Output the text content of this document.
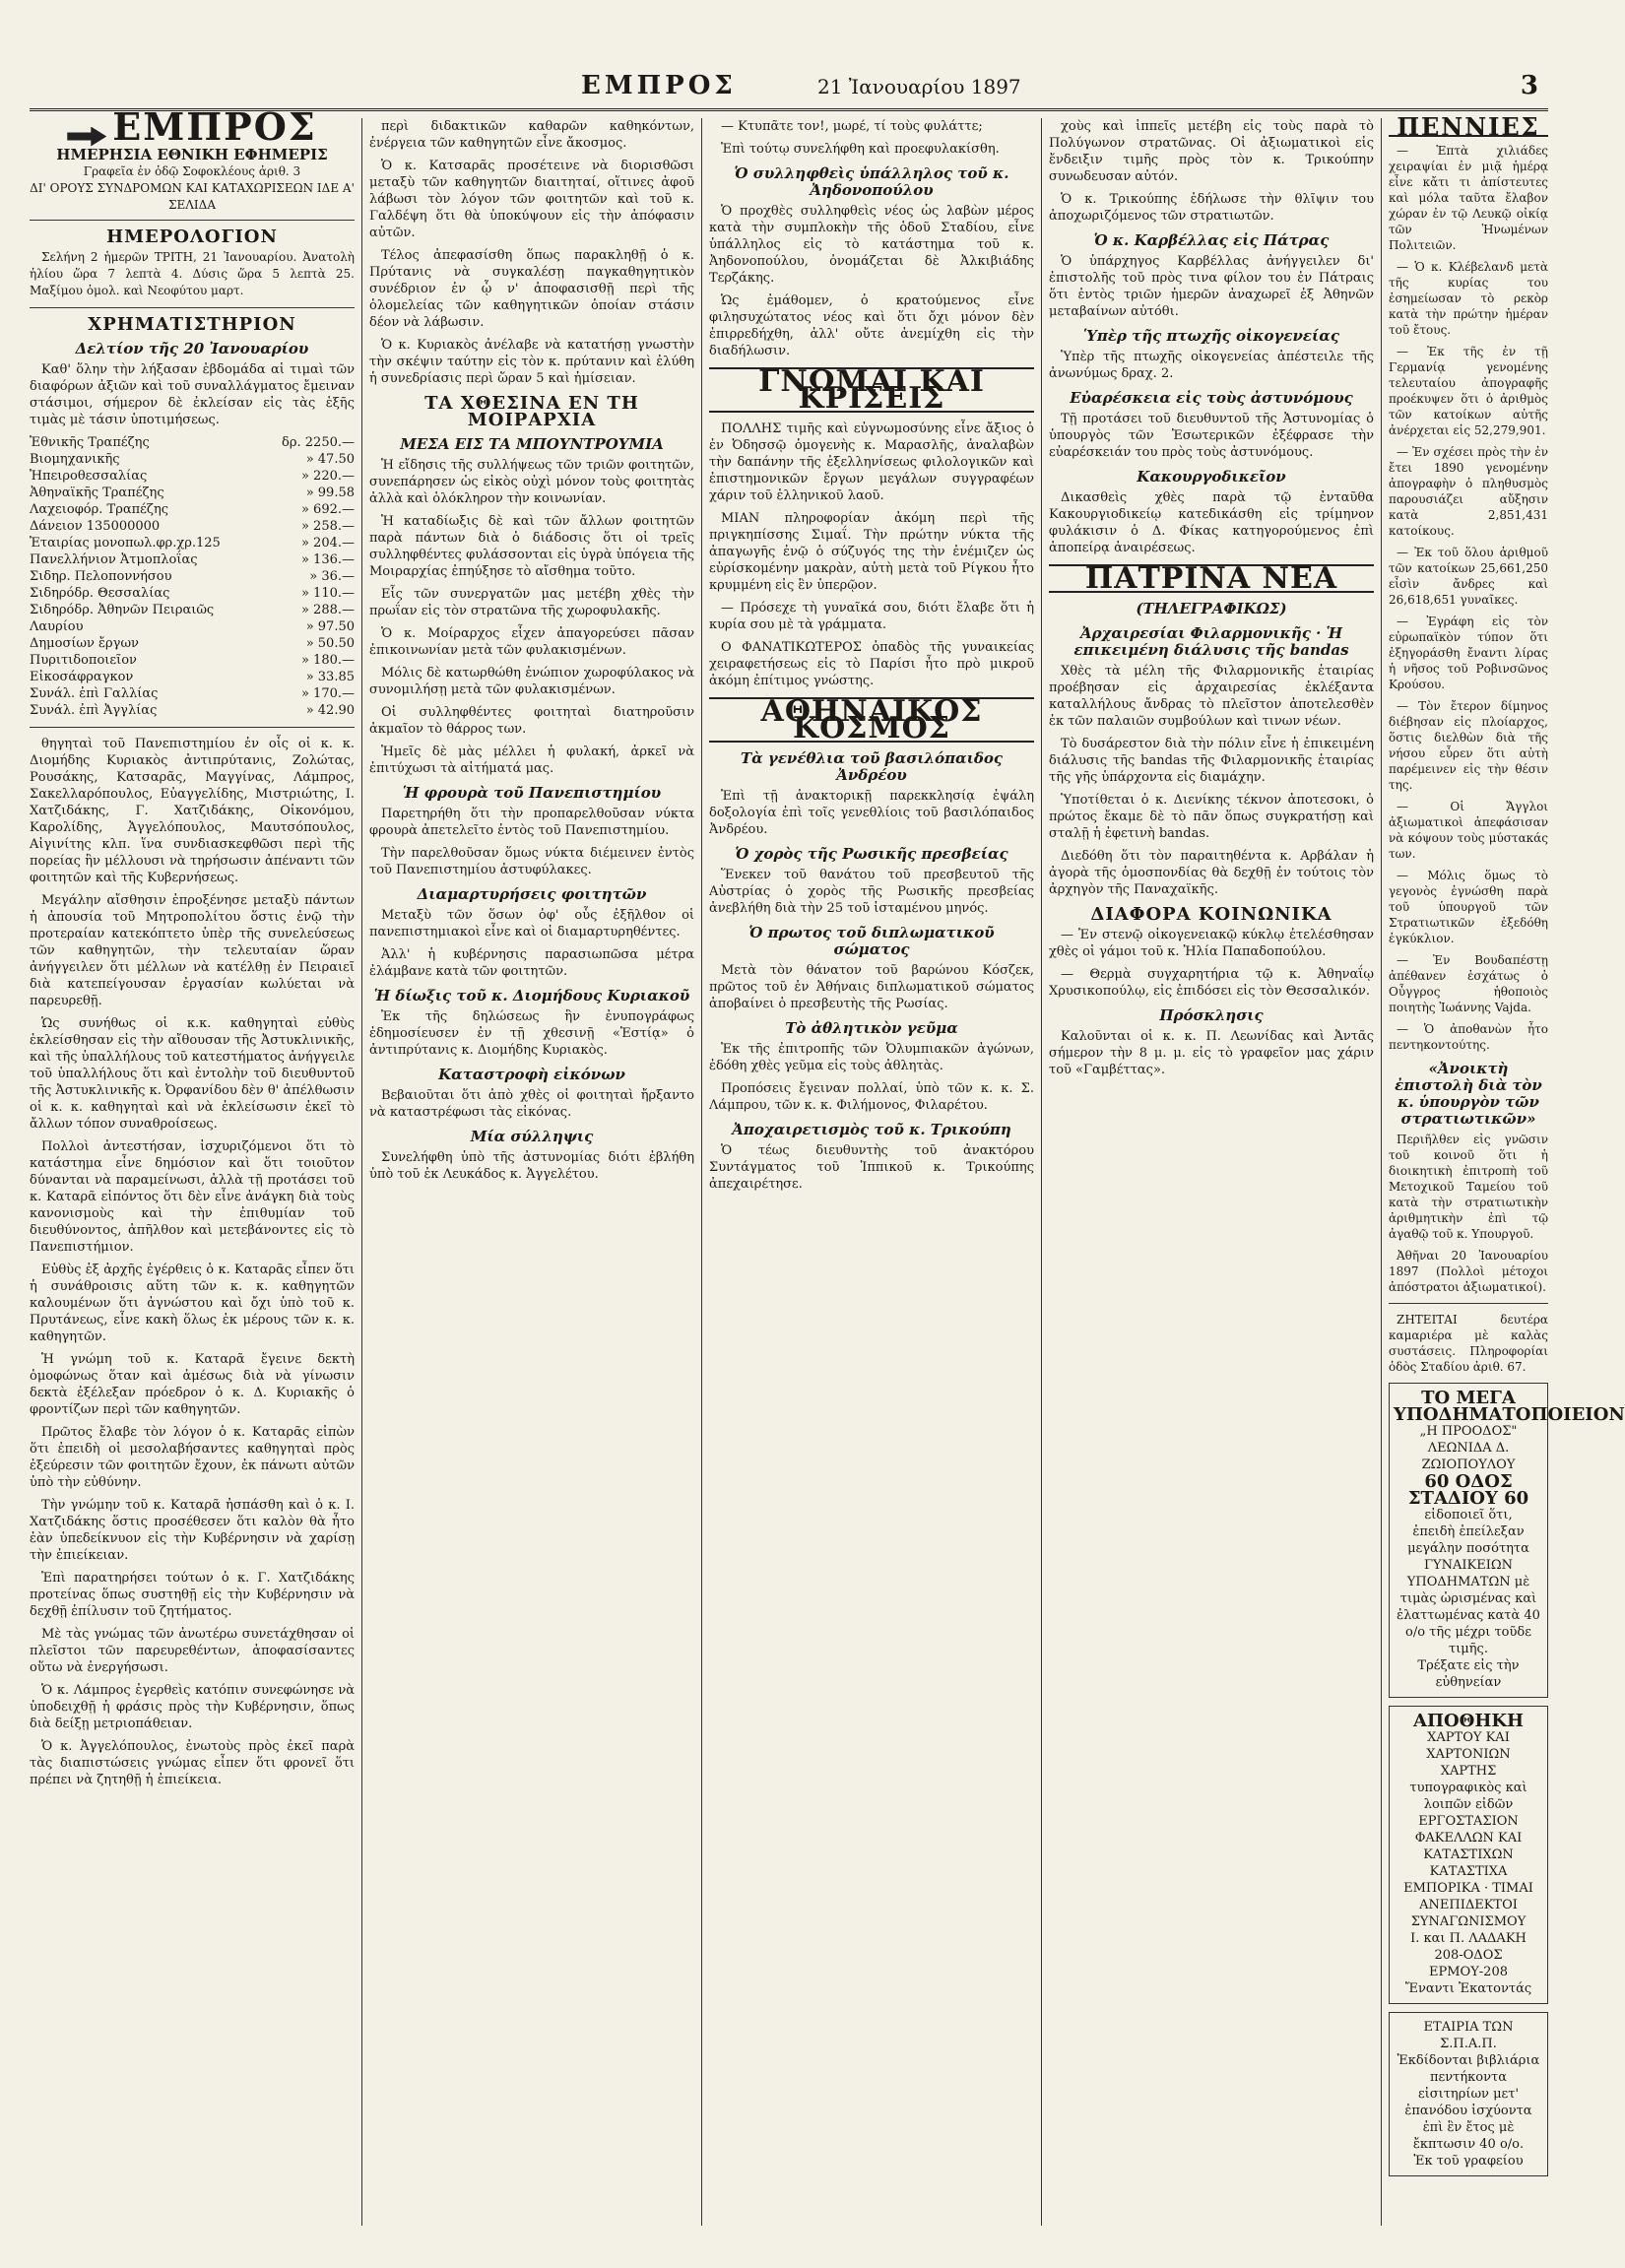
ΕΜΠΡΟΣ	21 Ἰανουαρίου 1897	3
ΕΜΠΡΟΣ
ΗΜΕΡΗΣΙΑ ΕΘΝΙΚΗ ΕΦΗΜΕΡΙΣ
Γραφεῖα ἐν ὁδῷ Σοφοκλέους ἀριθ. 3
ΔΙ' ΟΡΟΥΣ ΣΥΝΔΡΟΜΩΝ ΚΑΙ ΚΑΤΑΧΩΡΙΣΕΩΝ ΙΔΕ Α' ΣΕΛΙΔΑ
ΗΜΕΡΟΛΟΓΙΟΝ

Σελήνη 2 ἡμερῶν ΤΡΙΤΗ, 21 Ἰανουαρίου. Ἀνατολὴ ἡλίου ὥρα 7 λεπτὰ 4. Δύσις ὥρα 5 λεπτὰ 25. Μαξίμου ὁμολ. καὶ Νεοφύτου μαρτ.

ΧΡΗΜΑΤΙΣΤΗΡΙΟΝ
Δελτίον τῆς 20 Ἰανουαρίου

Καθ' ὅλην τὴν λήξασαν ἑβδομάδα αἱ τιμαὶ τῶν διαφόρων ἀξιῶν καὶ τοῦ συναλλάγματος ἔμειναν στάσιμοι, σήμερον δὲ ἐκλείσαν εἰς τὰς ἑξῆς τιμὰς μὲ τάσιν ὑποτιμήσεως.

Ἐθνικῆς Τραπέζης	δρ. 2250.—
Βιομηχανικῆς	» 47.50
Ἠπειροθεσσαλίας	» 220.—
Ἀθηναϊκῆς Τραπέζης	» 99.58
Λαχειοφόρ. Τραπέζης	» 692.—
Δάνειον 135000000	» 258.—
Ἑταιρίας μονοπωλ.φρ.χρ.125	» 204.—
Πανελλήνιον Ἀτμοπλοΐας	» 136.—
Σιδηρ. Πελοποννήσου	» 36.—
Σιδηρόδρ. Θεσσαλίας	» 110.—
Σιδηρόδρ. Ἀθηνῶν Πειραιῶς	» 288.—
Λαυρίου	» 97.50
Δημοσίων ἔργων	» 50.50
Πυριτιδοποιεῖον	» 180.—
Εἰκοσάφραγκον	» 33.85
Συνάλ. ἐπὶ Γαλλίας	» 170.—
Συνάλ. ἐπὶ Ἀγγλίας	» 42.90

θηγηταὶ τοῦ Πανεπιστημίου ἐν οἷς οἱ κ. κ. Διομήδης Κυριακὸς ἀντιπρύτανις, Ζολώτας, Ρουσάκης, Κατσαρᾶς, Μαγγίνας, Λάμπρος, Σακελλαρόπουλος, Εὐαγγελίδης, Μιστριώτης, Ι. Χατζιδάκης, Γ. Χατζιδάκης, Οἰκονόμου, Καρολίδης, Ἀγγελόπουλος, Μαυτσόπουλος, Αἰγινίτης κλπ. ἵνα συνδιασκεφθῶσι περὶ τῆς πορείας ἣν μέλλουσι νὰ τηρήσωσιν ἀπέναντι τῶν φοιτητῶν καὶ τῆς Κυβερνήσεως.

Μεγάλην αἴσθησιν ἐπροξένησε μεταξὺ πάντων ἡ ἀπουσία τοῦ Μητροπολίτου ὅστις ἐνῷ τὴν προτεραίαν κατεκόπτετο ὑπὲρ τῆς συνελεύσεως τῶν καθηγητῶν, τὴν τελευταίαν ὥραν ἀνήγγειλεν ὅτι μέλλων νὰ κατέλθῃ ἐν Πειραιεῖ διὰ κατεπείγουσαν ἐργασίαν κωλύεται νὰ παρευρεθῇ.

Ὡς συνήθως οἱ κ.κ. καθηγηταὶ εὐθὺς ἐκλείσθησαν εἰς τὴν αἴθουσαν τῆς Ἀστυκλινικῆς, καὶ τῆς ὑπαλλήλους τοῦ κατεστήματος ἀνήγγειλε τοῦ ὑπαλλήλους ὅτι καὶ ἐντολὴν τοῦ διευθυντοῦ τῆς Ἀστυκλινικῆς κ. Ὀρφανίδου δὲν θ' ἀπέλθωσιν οἱ κ. κ. καθηγηταὶ καὶ νὰ ἐκλείσωσιν ἐκεῖ τὸ ἄλλων τόπον συναθροίσεως.

Πολλοὶ ἀντεστήσαν, ἰσχυριζόμενοι ὅτι τὸ κατάστημα εἶνε δημόσιον καὶ ὅτι τοιοῦτον δύνανται νὰ παραμείνωσι, ἀλλὰ τῇ προτάσει τοῦ κ. Καταρᾶ εἰπόντος ὅτι δὲν εἶνε ἀνάγκη διὰ τοὺς κανονισμοὺς καὶ τὴν ἐπιθυμίαν τοῦ διευθύνοντος, ἀπῆλθον καὶ μετεβάνοντες εἰς τὸ Πανεπιστήμιον.

Εὐθὺς ἐξ ἀρχῆς ἐγέρθεις ὁ κ. Καταρᾶς εἶπεν ὅτι ἡ συνάθροισις αὕτη τῶν κ. κ. καθηγητῶν καλουμένων ὅτι ἀγνώστου καὶ ὄχι ὑπὸ τοῦ κ. Πρυτάνεως, εἶνε κακὴ ὅλως ἐκ μέρους τῶν κ. κ. καθηγητῶν.

Ἡ γνώμη τοῦ κ. Καταρᾶ ἔγεινε δεκτὴ ὁμοφώνως ὅταν καὶ ἀμέσως διὰ νὰ γίνωσιν δεκτὰ ἐξέλεξαν πρόεδρον ὁ κ. Δ. Κυριακῆς ὁ φροντίζων περὶ τῶν καθηγητῶν.

Πρῶτος ἔλαβε τὸν λόγον ὁ κ. Καταρᾶς εἰπὼν ὅτι ἐπειδὴ οἱ μεσολαβήσαντες καθηγηταὶ πρὸς ἐξεύρεσιν τῶν φοιτητῶν ἔχουν, ἐκ πάνωτι αὐτῶν ὑπὸ τὴν εὐθύνην.

Τὴν γνώμην τοῦ κ. Καταρᾶ ἠσπάσθη καὶ ὁ κ. Ι. Χατζιδάκης ὅστις προσέθεσεν ὅτι καλὸν θὰ ἦτο ἐὰν ὑπεδείκνυον εἰς τὴν Κυβέρνησιν νὰ χαρίσῃ τὴν ἐπιείκειαν.

Ἐπὶ παρατηρήσει τούτων ὁ κ. Γ. Χατζιδάκης προτείνας ὅπως συστηθῇ εἰς τὴν Κυβέρνησιν νὰ δεχθῇ ἐπίλυσιν τοῦ ζητήματος.

Μὲ τὰς γνώμας τῶν ἀνωτέρω συνετάχθησαν οἱ πλεῖστοι τῶν παρευρεθέντων, ἀποφασίσαντες οὕτω νὰ ἐνεργήσωσι.

Ὁ κ. Λάμπρος ἐγερθεὶς κατόπιν συνεφώνησε νὰ ὑποδειχθῇ ἡ φράσις πρὸς τὴν Κυβέρνησιν, ὅπως διὰ δείξῃ μετριοπάθειαν.

Ὁ κ. Ἀγγελόπουλος, ἐνωτοὺς πρὸς ἐκεῖ παρὰ τὰς διαπιστώσεις γνώμας εἶπεν ὅτι φρονεῖ ὅτι πρέπει νὰ ζητηθῇ ἡ ἐπιείκεια.

περὶ διδακτικῶν καθαρῶν καθηκόντων, ἐνέργεια τῶν καθηγητῶν εἶνε ἄκοσμος.

Ὁ κ. Κατσαρᾶς προσέτεινε νὰ διορισθῶσι μεταξὺ τῶν καθηγητῶν διαιτηταί, οἵτινες ἀφοῦ λάβωσι τὸν λόγον τῶν φοιτητῶν καὶ τοῦ κ. Γαλδέψη ὅτι θὰ ὑποκύψουν εἰς τὴν ἀπόφασιν αὐτῶν.

Τέλος ἀπεφασίσθη ὅπως παρακληθῇ ὁ κ. Πρύτανις νὰ συγκαλέσῃ παγκαθηγητικὸν συνέδριον ἐν ᾧ ν' ἀποφασισθῇ περὶ τῆς ὁλομελείας τῶν καθηγητικῶν ὁποίαν στάσιν δέον νὰ λάβωσιν.

Ὁ κ. Κυριακὸς ἀνέλαβε νὰ κατατήσῃ γνωστὴν τὴν σκέψιν ταύτην εἰς τὸν κ. πρύτανιν καὶ ἐλύθη ἡ συνεδρίασις περὶ ὥραν 5 καὶ ἡμίσειαν.

ΤΑ ΧΘΕΣΙΝΑ ΕΝ ΤΗ ΜΟΙΡΑΡΧΙΑ
ΜΕΣΑ ΕΙΣ ΤΑ ΜΠΟΥΝΤΡΟΥΜΙΑ

Ἡ εἴδησις τῆς συλλήψεως τῶν τριῶν φοιτητῶν, συνεπάρησεν ὡς εἰκὸς οὐχὶ μόνον τοὺς φοιτητὰς ἀλλὰ καὶ ὁλόκληρον τὴν κοινωνίαν.

Ἡ καταδίωξις δὲ καὶ τῶν ἄλλων φοιτητῶν παρὰ πάντων διὰ ὁ διάδοσις ὅτι οἱ τρεῖς συλληφθέντες φυλάσσονται εἰς ὑγρὰ ὑπόγεια τῆς Μοιραρχίας ἐπηύξησε τὸ αἴσθημα τοῦτο.

Εἷς τῶν συνεργατῶν μας μετέβη χθὲς τὴν πρωΐαν εἰς τὸν στρατῶνα τῆς χωροφυλακῆς.

Ὁ κ. Μοίραρχος εἶχεν ἀπαγορεύσει πᾶσαν ἐπικοινωνίαν μετὰ τῶν φυλακισμένων.

Μόλις δὲ κατωρθώθη ἐνώπιον χωροφύλακος νὰ συνομιλήσῃ μετὰ τῶν φυλακισμένων.

Οἱ συλληφθέντες φοιτηταὶ διατηροῦσιν ἀκμαῖον τὸ θάρρος των.

Ἡμεῖς δὲ μὰς μέλλει ἡ φυλακή, ἀρκεῖ νὰ ἐπιτύχωσι τὰ αἰτήματά μας.

Ἡ φρουρὰ τοῦ Πανεπιστημίου

Παρετηρήθη ὅτι τὴν προπαρελθοῦσαν νύκτα φρουρὰ ἀπετελεῖτο ἐντὸς τοῦ Πανεπιστημίου.

Τὴν παρελθοῦσαν ὅμως νύκτα διέμεινεν ἐντὸς τοῦ Πανεπιστημίου ἀστυφύλακες.

Διαμαρτυρήσεις φοιτητῶν

Μεταξὺ τῶν ὅσων ὀφ' οὗς ἐξῆλθον οἱ πανεπιστημιακοὶ εἶνε καὶ οἱ διαμαρτυρηθέντες.

Ἀλλ' ἡ κυβέρνησις παρασιωπῶσα μέτρα ἐλάμβανε κατὰ τῶν φοιτητῶν.

Ἡ δίωξις τοῦ κ. Διομήδους Κυριακοῦ

Ἐκ τῆς δηλώσεως ἣν ἐνυπογράφως ἐδημοσίευσεν ἐν τῇ χθεσινῇ «Ἑστίᾳ» ὁ ἀντιπρύτανις κ. Διομήδης Κυριακὸς.

Καταστροφὴ εἰκόνων

Βεβαιοῦται ὅτι ἀπὸ χθὲς οἱ φοιτηταὶ ἤρξαντο νὰ καταστρέφωσι τὰς εἰκόνας.

Μία σύλληψις

Συνελήφθη ὑπὸ τῆς ἀστυνομίας διότι ἐβλήθη ὑπὸ τοῦ ἐκ Λευκάδος κ. Ἀγγελέτου.

— Κτυπᾶτε τον!, μωρέ, τί τοὺς φυλάττε;

Ἐπὶ τούτῳ συνελήφθη καὶ προεφυλακίσθη.

Ὁ συλληφθεὶς ὑπάλληλος τοῦ κ. Ἀηδονοπούλου

Ὁ προχθὲς συλληφθεὶς νέος ὡς λαβὼν μέρος κατὰ τὴν συμπλοκὴν τῆς ὁδοῦ Σταδίου, εἶνε ὑπάλληλος εἰς τὸ κατάστημα τοῦ κ. Ἀηδονοπούλου, ὀνομάζεται δὲ Ἀλκιβιάδης Τερζάκης.

Ὡς ἐμάθομεν, ὁ κρατούμενος εἶνε φιλησυχώτατος νέος καὶ ὅτι ὄχι μόνον δὲν ἐπιρρεδήχθη, ἀλλ' οὔτε ἀνεμίχθη εἰς τὴν διαδήλωσιν.

ΓΝΩΜΑΙ ΚΑΙ ΚΡΙΣΕΙΣ

ΠΟΛΛΗΣ τιμῆς καὶ εὐγνωμοσύνης εἶνε ἄξιος ὁ ἐν Ὀδησσῷ ὁμογενὴς κ. Μαρασλῆς, ἀναλαβὼν τὴν δαπάνην τῆς ἐξελληνίσεως φιλολογικῶν καὶ ἐπιστημονικῶν ἔργων μεγάλων συγγραφέων χάριν τοῦ ἑλληνικοῦ λαοῦ.

ΜΙΑΝ πληροφορίαν ἀκόμη περὶ τῆς πριγκηπίσσης Σιμαΐ. Τὴν πρώτην νύκτα τῆς ἀπαγωγῆς ἐνῷ ὁ σύζυγός της τὴν ἐνέμιζεν ὡς εὑρίσκομένην μακρὰν, αὐτὴ μετὰ τοῦ Ρίγκου ἦτο κρυμμένη εἰς ἓν ὑπερῷον.

— Πρόσεχε τὴ γυναῖκά σου, διότι ἔλαβε ὅτι ἡ κυρία σου μὲ τὰ γράμματα.

Ο ΦΑΝΑΤΙΚΩΤΕΡΟΣ ὀπαδὸς τῆς γυναικείας χειραφετήσεως εἰς τὸ Παρίσι ἦτο πρὸ μικροῦ ἀκόμη ἐπίτιμος γνώστης.

ΑΘΗΝΑΙΚΟΣ ΚΟΣΜΟΣ
Τὰ γενέθλια τοῦ βασιλόπαιδος Ἀνδρέου

Ἐπὶ τῇ ἀνακτορικῇ παρεκκλησίᾳ ἐψάλη δοξολογία ἐπὶ τοῖς γενεθλίοις τοῦ βασιλόπαιδος Ἀνδρέου.

Ὁ χορὸς τῆς Ρωσικῆς πρεσβείας

Ἕνεκεν τοῦ θανάτου τοῦ πρεσβευτοῦ τῆς Αὐστρίας ὁ χορὸς τῆς Ρωσικῆς πρεσβείας ἀνεβλήθη διὰ τὴν 25 τοῦ ἰσταμένου μηνός.

Ὁ πρωτος τοῦ διπλωματικοῦ σώματος

Μετὰ τὸν θάνατον τοῦ βαρώνου Κόσζεκ, πρῶτος τοῦ ἐν Ἀθήναις διπλωματικοῦ σώματος ἀποβαίνει ὁ πρεσβευτὴς τῆς Ρωσίας.

Τὸ ἀθλητικὸν γεῦμα

Ἐκ τῆς ἐπιτροπῆς τῶν Ὀλυμπιακῶν ἀγώνων, ἐδόθη χθὲς γεῦμα εἰς τοὺς ἀθλητὰς.

Προπόσεις ἔγειναν πολλαί, ὑπὸ τῶν κ. κ. Σ. Λάμπρου, τῶν κ. κ. Φιλήμονος, Φιλαρέτου.

Ἀποχαιρετισμὸς τοῦ κ. Τρικούπη

Ὁ τέως διευθυντὴς τοῦ ἀνακτόρου Συντάγματος τοῦ Ἱππικοῦ κ. Τρικούπης ἀπεχαιρέτησε.

χοὺς καὶ ἱππεῖς μετέβη εἰς τοὺς παρὰ τὸ Πολύγωνον στρατῶνας. Οἱ ἀξιωματικοὶ εἰς ἔνδειξιν τιμῆς πρὸς τὸν κ. Τρικούπην συνωδευσαν αὐτόν.

Ὁ κ. Τρικούπης ἐδήλωσε τὴν θλῖψιν του ἀποχωριζόμενος τῶν στρατιωτῶν.

Ὁ κ. Καρβέλλας εἰς Πάτρας

Ὁ ὑπάρχηγος Καρβέλλας ἀνήγγειλεν δι' ἐπιστολῆς τοῦ πρὸς τινα φίλον του ἐν Πάτραις ὅτι ἐντὸς τριῶν ἡμερῶν ἀναχωρεῖ ἐξ Ἀθηνῶν μεταβαίνων αὐτόθι.

Ὑπὲρ τῆς πτωχῆς οἰκογενείας

Ὑπὲρ τῆς πτωχῆς οἰκογενείας ἀπέστειλε τῆς ἀνωνύμως δραχ. 2.

Εὐαρέσκεια εἰς τοὺς ἀστυνόμους

Τῇ προτάσει τοῦ διευθυντοῦ τῆς Ἀστυνομίας ὁ ὑπουργὸς τῶν Ἐσωτερικῶν ἐξέφρασε τὴν εὐαρέσκειάν του πρὸς τοὺς ἀστυνόμους.

Κακουργοδικεῖον

Δικασθεὶς χθὲς παρὰ τῷ ἐνταῦθα Κακουργιοδικείῳ κατεδικάσθη εἰς τρίμηνον φυλάκισιν ὁ Δ. Φίκας κατηγορούμενος ἐπὶ ἀποπείρᾳ ἀναιρέσεως.

ΠΑΤΡΙΝΑ ΝΕΑ
(ΤΗΛΕΓΡΑΦΙΚΩΣ)
Ἀρχαιρεσίαι Φιλαρμονικῆς · Ἡ επικειμένη διάλυσις τῆς bandas

Χθὲς τὰ μέλη τῆς Φιλαρμονικῆς ἑταιρίας προέβησαν εἰς ἀρχαιρεσίας ἐκλέξαντα καταλλήλους ἄνδρας τὸ πλεῖστον ἀποτελεσθὲν ἐκ τῶν παλαιῶν συμβούλων καὶ τινων νέων.

Τὸ δυσάρεστον διὰ τὴν πόλιν εἶνε ἡ ἐπικειμένη διάλυσις τῆς bandas τῆς Φιλαρμονικῆς ἑταιρίας τῆς γῆς ὑπάρχοντα εἰς διαμάχην.

Ὑποτίθεται ὁ κ. Διενίκης τέκνον ἀποτεσοκι, ὁ πρώτος ἔκαμε δὲ τὸ πᾶν ὅπως συγκρατήσῃ καὶ σταλῇ ἡ ἐφετινὴ bandas.

Διεδόθη ὅτι τὸν παραιτηθέντα κ. Αρβάλαν ἡ ἀγορὰ τῆς ὁμοσπονδίας θὰ δεχθῇ ἐν τούτοις τὸν ἀρχηγὸν τῆς Παναχαϊκῆς.

ΔΙΑΦΟΡΑ ΚΟΙΝΩΝΙΚΑ

— Ἐν στενῷ οἰκογενειακῷ κύκλῳ ἐτελέσθησαν χθὲς οἱ γάμοι τοῦ κ. Ἠλία Παπαδοπούλου.

— Θερμὰ συγχαρητήρια τῷ κ. Ἀθηναΐῳ Χρυσικοπούλῳ, εἰς ἐπιδόσει εἰς τὸν Θεσσαλικόν.

Πρόσκλησις

Καλοῦνται οἱ κ. κ. Π. Λεωνίδας καὶ Ἀντᾶς σήμερον τὴν 8 μ. μ. εἰς τὸ γραφεῖον μας χάριν τοῦ «Γαμβέττας».

ΠΕΝΝΙΕΣ

— Ἑπτὰ χιλιάδες χειραψίαι ἐν μιᾷ ἡμέρᾳ εἶνε κἄτι τι ἀπίστευτες καὶ μόλα ταῦτα ἔλαβον χώραν ἐν τῷ Λευκῷ οἰκίᾳ τῶν Ἡνωμένων Πολιτειῶν.

— Ὁ κ. Κλέβελανδ μετὰ τῆς κυρίας του ἐσημείωσαν τὸ ρεκὸρ κατὰ τὴν πρώτην ἡμέραν τοῦ ἔτους.

— Ἐκ τῆς ἐν τῇ Γερμανίᾳ γενομένης τελευταίου ἀπογραφῆς προέκυψεν ὅτι ὁ ἀριθμὸς τῶν κατοίκων αὐτῆς ἀνέρχεται εἰς 52,279,901.

— Ἐν σχέσει πρὸς τὴν ἐν ἔτει 1890 γενομένην ἀπογραφὴν ὁ πληθυσμὸς παρουσιάζει αὔξησιν κατὰ 2,851,431 κατοίκους.

— Ἐκ τοῦ ὅλου ἀριθμοῦ τῶν κατοίκων 25,661,250 εἶσὶν ἄνδρες καὶ 26,618,651 γυναῖκες.

— Ἐγράφη εἰς τὸν εὐρωπαϊκὸν τύπον ὅτι ἐξηγοράσθη ἔναντι λίρας ἡ νῆσος τοῦ Ροβινσῶνος Κρούσου.

— Τὸν ἔτερον δίμηνος διέβησαν εἰς πλοίαρχος, ὅστις διελθὼν διὰ τῆς νήσου εὗρεν ὅτι αὐτὴ παρέμεινεν εἰς τὴν θέσιν της.

— Οἱ Ἄγγλοι ἀξιωματικοὶ ἀπεφάσισαν νὰ κόψουν τοὺς μύστακάς των.

— Μόλις ὅμως τὸ γεγονὸς ἐγνώσθη παρὰ τοῦ ὑπουργοῦ τῶν Στρατιωτικῶν ἐξεδόθη ἐγκύκλιον.

— Ἐν Βουδαπέστῃ ἀπέθανεν ἐσχάτως ὁ Οὖγγρος ἡθοποιὸς ποιητὴς Ἰωάννης Vajda.

— Ὁ ἀποθανὼν ἦτο πεντηκοντούτης.

«Ἀνοικτὴ ἐπιστολὴ διὰ τὸν κ. ὑπουργὸν τῶν στρατιωτικῶν»

Περιῆλθεν εἰς γνῶσιν τοῦ κοινοῦ ὅτι ἡ διοικητικὴ ἐπιτροπὴ τοῦ Μετοχικοῦ Ταμείου τοῦ κατὰ τὴν στρατιωτικὴν ἀριθμητικὴν ἐπὶ τῷ ἀγαθῷ τοῦ κ. Υπουργοῦ.

Ἀθῆναι 20 Ἰανουαρίου 1897 (Πολλοὶ μέτοχοι ἀπόστρατοι ἀξιωματικοί).

ΖΗΤΕΙΤΑΙ δευτέρα καμαριέρα μὲ καλὰς συστάσεις. Πληροφορίαι ὁδὸς Σταδίου ἀριθ. 67.

ΤΟ ΜΕΓΑ
ΥΠΟΔΗΜΑΤΟΠΟΙΕΙΟΝ
„Η ΠΡΟΟΔΟΣ"
ΛΕΩΝΙΔΑ Δ. ΖΩΙΟΠΟΥΛΟΥ
60 ΟΔΟΣ ΣΤΑΔΙΟΥ 60
εἰδοποιεῖ ὅτι,
ἐπειδὴ ἐπείλεξαν μεγάλην ποσότητα ΓΥΝΑΙΚΕΙΩΝ ΥΠΟΔΗΜΑΤΩΝ μὲ τιμὰς ὡρισμένας καὶ ἐλαττωμένας κατὰ 40 ο/ο τῆς μέχρι τοῦδε τιμῆς.
Τρέξατε εἰς τὴν εὐθηνείαν
ΑΠΟΘΗΚΗ
ΧΑΡΤΟΥ ΚΑΙ ΧΑΡΤΟΝΙΩΝ
ΧΑΡΤΗΣ τυπογραφικὸς καὶ λοιπῶν εἰδῶν
ΕΡΓΟΣΤΑΣΙΟΝ
ΦΑΚΕΛΛΩΝ ΚΑΙ ΚΑΤΑΣΤΙΧΩΝ
ΚΑΤΑΣΤΙΧΑ ΕΜΠΟΡΙΚΑ · ΤΙΜΑΙ ΑΝΕΠΙΔΕΚΤΟΙ ΣΥΝΑΓΩΝΙΣΜΟΥ
Ι. και Π. ΛΑΔΑΚΗ
208-ΟΔΟΣ ΕΡΜΟΥ-208
Ἔναντι Ἐκατοντάς
ΕΤΑΙΡΙΑ ΤΩΝ Σ.Π.Α.Π.
Ἐκδίδονται βιβλιάρια πεντήκοντα εἰσιτηρίων μετ' ἐπανόδου ἰσχύοντα ἐπὶ ἓν ἔτος μὲ ἔκπτωσιν 40 ο/ο.
Ἐκ τοῦ γραφείου
